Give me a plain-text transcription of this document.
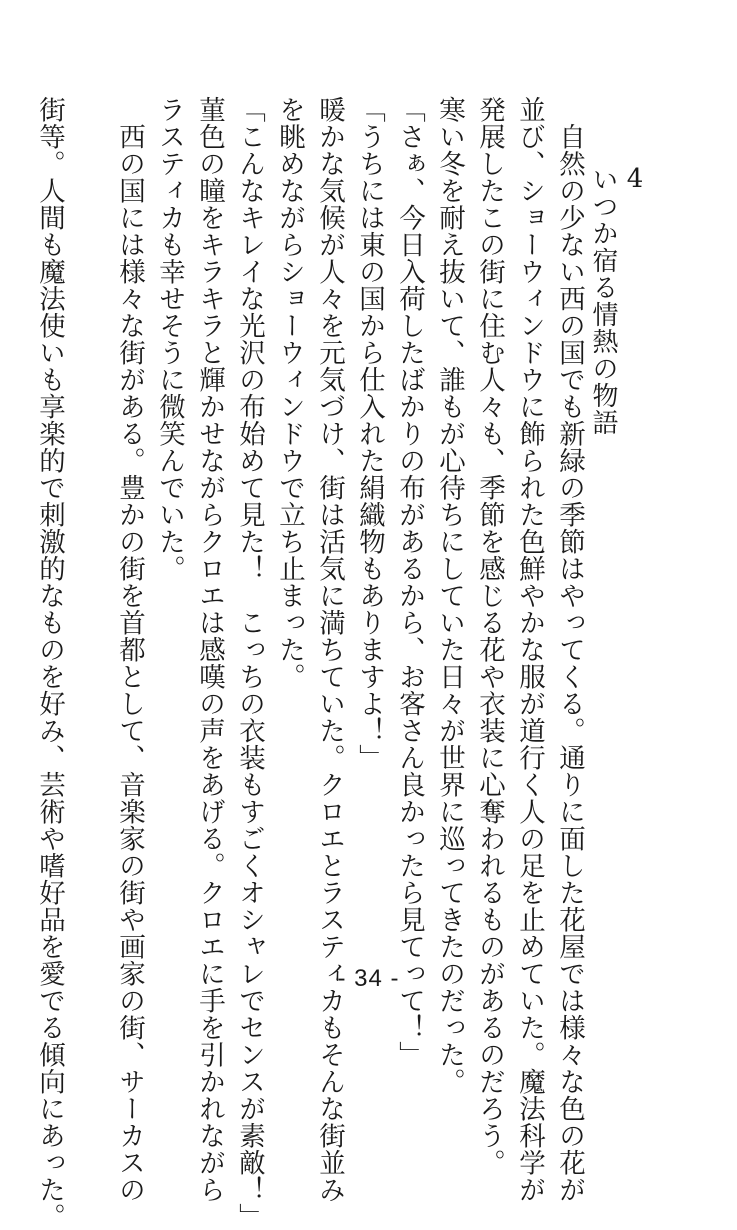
4
いつか宿る情熱の物語

　自然の少ない西の国でも新緑の季節はやってくる。通りに面した花屋では様々な色の花が

並び、ショーウィンドウに飾られた色鮮やかな服が道行く人の足を止めていた。魔法科学が

発展したこの街に住む人々も、季節を感じる花や衣装に心奪われるものがあるのだろう。

寒い冬を耐え抜いて、誰もが心待ちにしていた日々が世界に巡ってきたのだった。

「さぁ、今日入荷したばかりの布があるから、お客さん良かったら見てって！」

「うちには東の国から仕入れた絹織物もありますよ！」

暖かな気候が人々を元気づけ、街は活気に満ちていた。クロエとラスティカもそんな街並み

を眺めながらショーウィンドウで立ち止まった。

「こんなキレイな光沢の布始めて見た！　こっちの衣装もすごくオシャレでセンスが素敵！」

菫色の瞳をキラキラと輝かせながらクロエは感嘆の声をあげる。クロエに手を引かれながら

ラスティカも幸せそうに微笑んでいた。

　西の国には様々な街がある。豊かの街を首都として、音楽家の街や画家の街、サーカスの

街等。人間も魔法使いも享楽的で刺激的なものを好み、芸術や嗜好品を愛でる傾向にあった。	- 34 -
